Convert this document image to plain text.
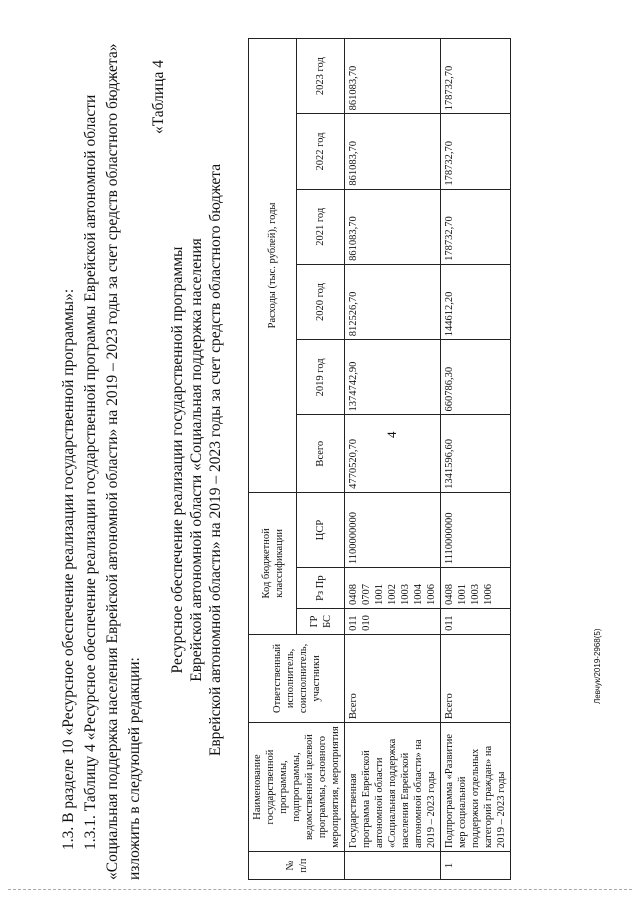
4

1.3. В разделе 10 «Ресурсное обеспечение реализации государственной программы»: 1.3.1. Таблицу 4 «Ресурсное обеспечение реализации государственной программы Еврейской автономной области «Социальная поддержка населения Еврейской автономной области» на 2019 – 2023 годы за счет средств областного бюджета» изложить в следующей редакции:

«Таблица 4
Ресурсное обеспечение реализации государственной программы Еврейской автономной области «Социальная поддержка населения Еврейской автономной области» на 2019 – 2023 годы за счет средств областного бюджета
№ п/п	Наименование государственной программы, подпрограммы, ведомственной целевой программы, основного мероприятия, мероприятия	Ответственный исполнитель, соисполнитель, участники	Код бюджетной классификации			Расходы (тыс. рублей), годы					
			ГР БС	Рз Пр	ЦСР	Всего	2019 год	2020 год	2021 год	2022 год	2023 год
	Государственная программа Еврейской автономной области «Социальная поддержка населения Еврейской автономной области» на 2019 – 2023 годы	Всего	011 010	0408 0707 1001 1002 1003 1004 1006	1100000000	4770520,70	1374742,90	812526,70	861083,70	861083,70	861083,70
1	Подпрограмма «Развитие мер социальной поддержки отдельных категорий граждан» на 2019 – 2023 годы	Всего	011	0408 1001 1003 1006	1110000000	1341596,60	660786,30	144612,20	178732,70	178732,70	178732,70
Левчук/2019-2968(5)
